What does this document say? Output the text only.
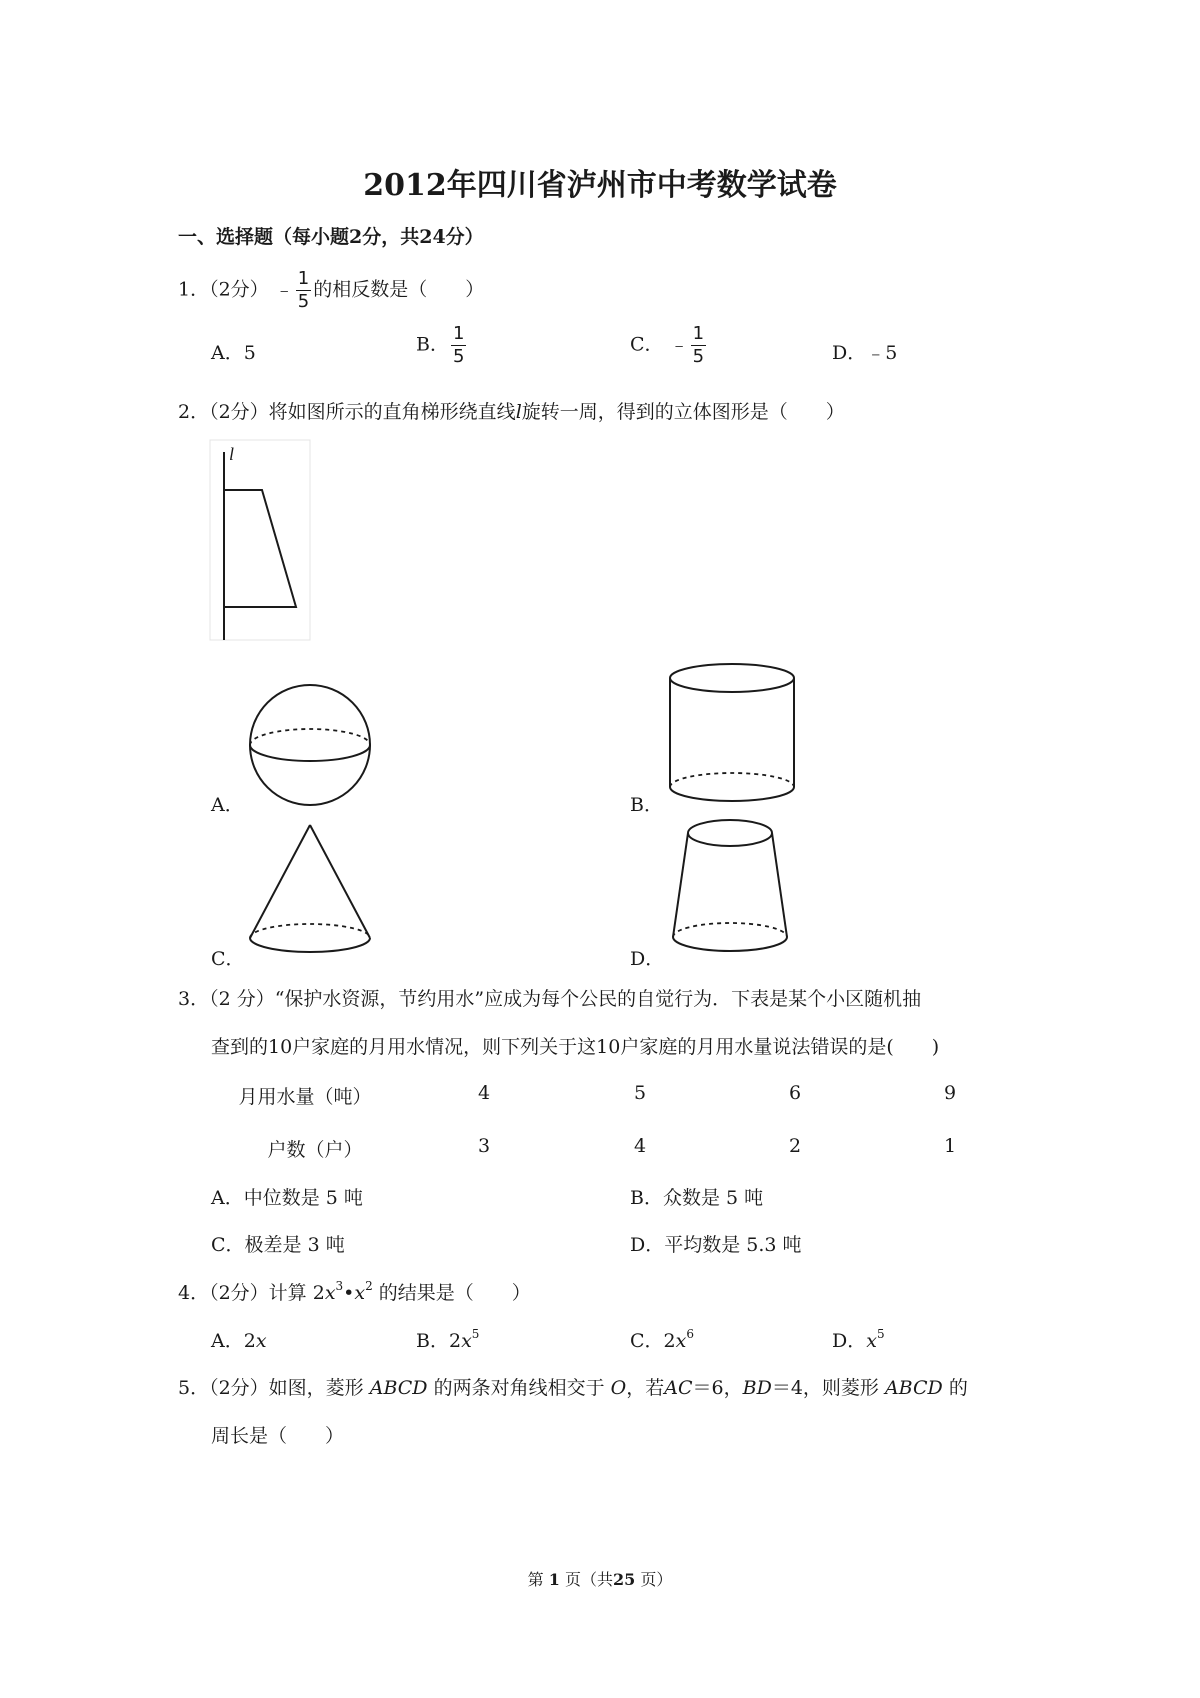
2012年四川省泸州市中考数学试卷
一、选择题（每小题2分，共24分）
1．（2分） ﹣ $\frac{1}{5}$ 的相反数是（　　）
A．5	B． $\frac{1}{5}$	C． ﹣ $\frac{1}{5}$	D．﹣5
2．（2分）将如图所示的直角梯形绕直线l旋转一周，得到的立体图形是（　　）
l
A．	B．
C．	D．
3．（2 分）“保护水资源，节约用水”应成为每个公民的自觉行为．下表是某个小区随机抽
查到的10户家庭的月用水情况，则下列关于这10户家庭的月用水量说法错误的是(　　)
月用水量（吨）	4	5	6	9
户数（户）	3	4	2	1
A．中位数是 5 吨	B．众数是 5 吨
C．极差是 3 吨	D．平均数是 5.3 吨
4．（2分）计算 $2x^3•x^2$ 的结果是（　　）
A．2x	B．$2x^5$	C．$2x^6$	D．$x^5$
5．（2分）如图，菱形 ABCD 的两条对角线相交于 O，若AC＝6，BD＝4，则菱形 ABCD 的
周长是（　　）
第 1 页（共25 页）
